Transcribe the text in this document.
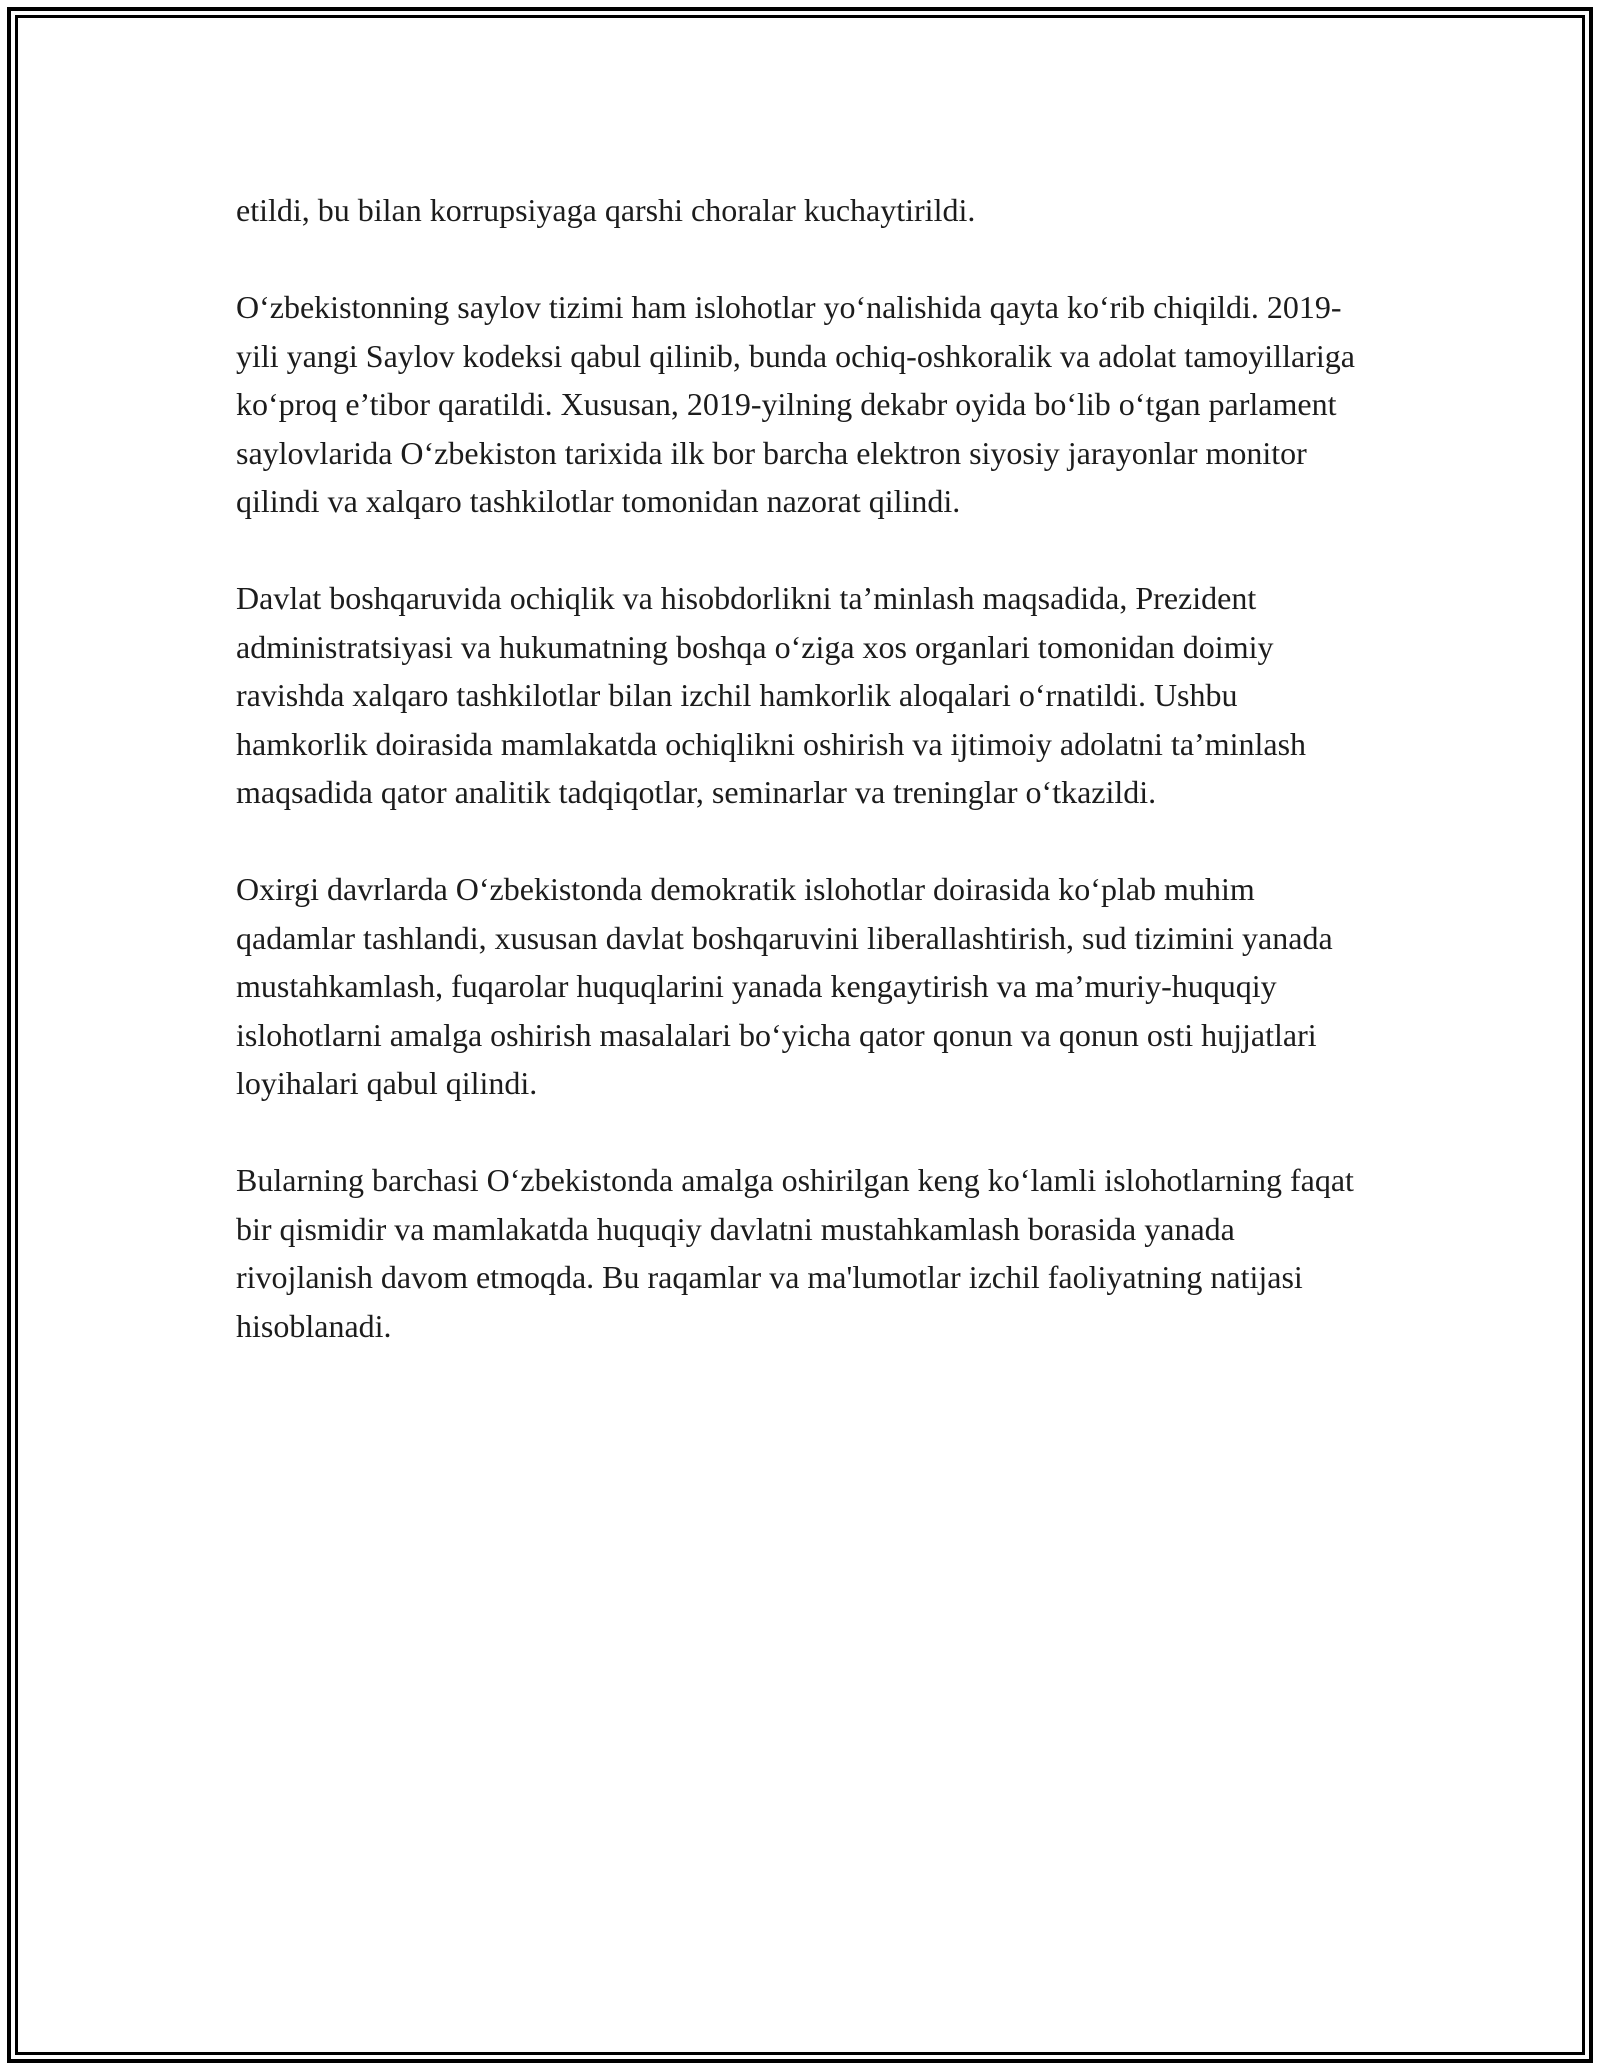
etildi, bu bilan korrupsiyaga qarshi choralar kuchaytirildi.

O‘zbekistonning saylov tizimi ham islohotlar yo‘nalishida qayta ko‘rib chiqildi. 2019-yili yangi Saylov kodeksi qabul qilinib, bunda ochiq-oshkoralik va adolat tamoyillariga ko‘proq e’tibor qaratildi. Xususan, 2019-yilning dekabr oyida bo‘lib o‘tgan parlament saylovlarida O‘zbekiston tarixida ilk bor barcha elektron siyosiy jarayonlar monitor qilindi va xalqaro tashkilotlar tomonidan nazorat qilindi.

Davlat boshqaruvida ochiqlik va hisobdorlikni ta’minlash maqsadida, Prezident administratsiyasi va hukumatning boshqa o‘ziga xos organlari tomonidan doimiy ravishda xalqaro tashkilotlar bilan izchil hamkorlik aloqalari o‘rnatildi. Ushbu hamkorlik doirasida mamlakatda ochiqlikni oshirish va ijtimoiy adolatni ta’minlash maqsadida qator analitik tadqiqotlar, seminarlar va treninglar o‘tkazildi.

Oxirgi davrlarda O‘zbekistonda demokratik islohotlar doirasida ko‘plab muhim qadamlar tashlandi, xususan davlat boshqaruvini liberallashtirish, sud tizimini yanada mustahkamlash, fuqarolar huquqlarini yanada kengaytirish va ma’muriy-huquqiy islohotlarni amalga oshirish masalalari bo‘yicha qator qonun va qonun osti hujjatlari loyihalari qabul qilindi.

Bularning barchasi O‘zbekistonda amalga oshirilgan keng ko‘lamli islohotlarning faqat bir qismidir va mamlakatda huquqiy davlatni mustahkamlash borasida yanada rivojlanish davom etmoqda. Bu raqamlar va ma'lumotlar izchil faoliyatning natijasi hisoblanadi.
